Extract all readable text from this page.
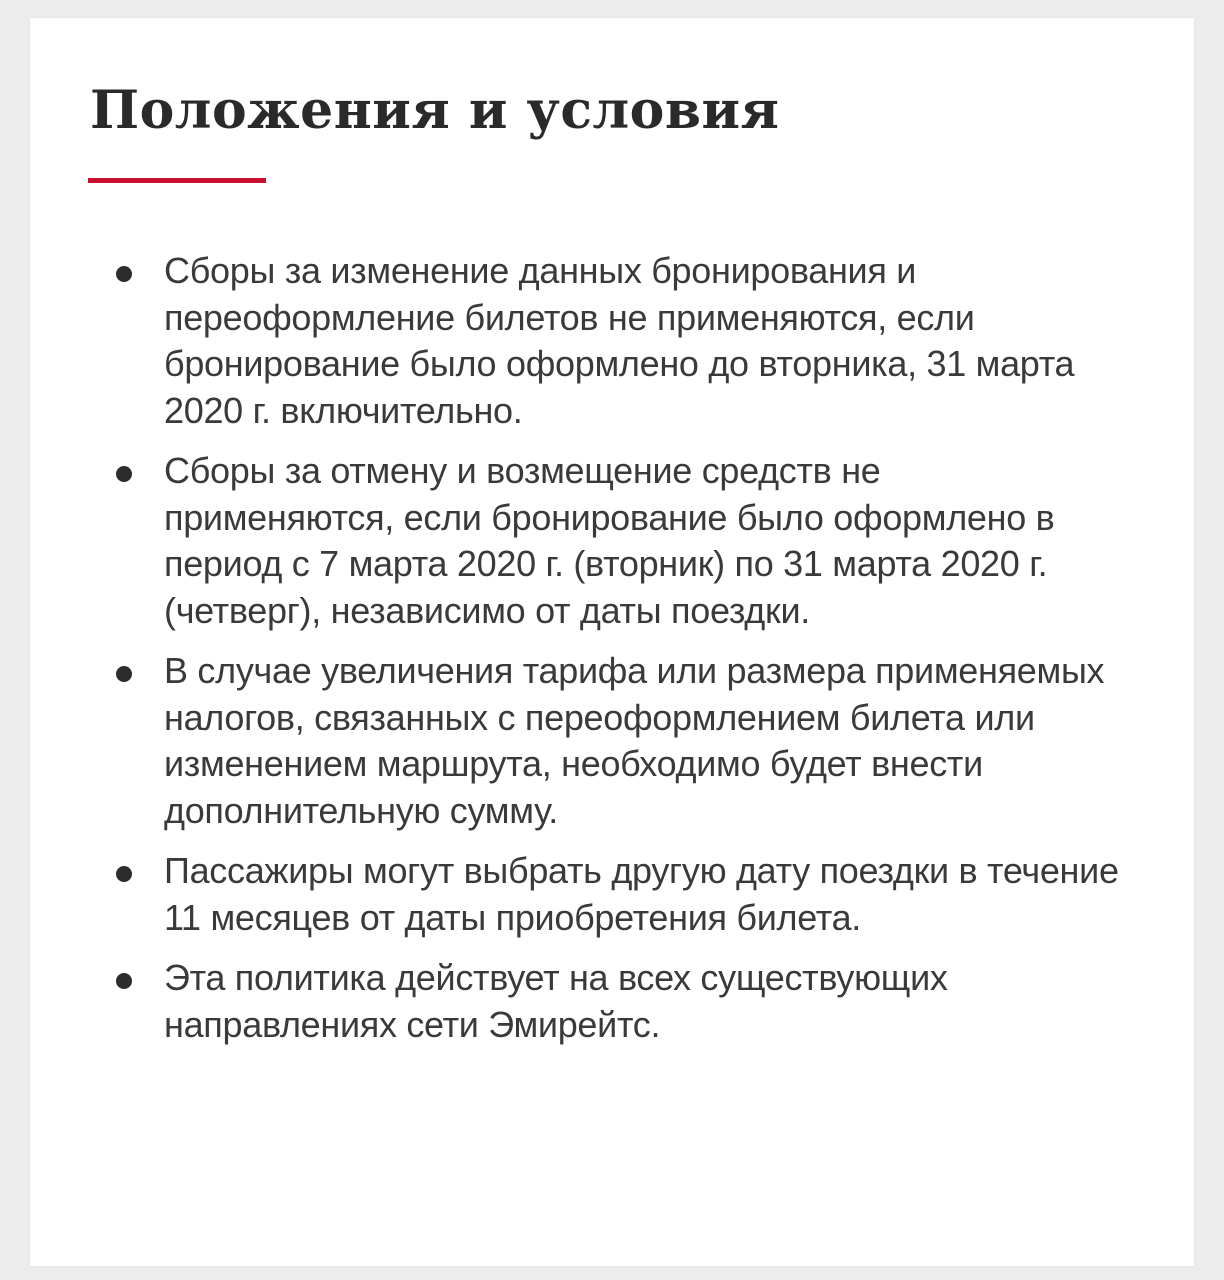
Положения и условия
Сборы за изменение данных бронирования и переоформление билетов не применяются, если бронирование было оформлено до вторника, 31 марта 2020 г. включительно.
Сборы за отмену и возмещение средств не применяются, если бронирование было оформлено в период с 7 марта 2020 г. (вторник) по 31 марта 2020 г. (четверг), независимо от даты поездки.
В случае увеличения тарифа или размера применяемых налогов, связанных с переоформлением билета или изменением маршрута, необходимо будет внести дополнительную сумму.
Пассажиры могут выбрать другую дату поездки в течение 11 месяцев от даты приобретения билета.
Эта политика действует на всех существующих направлениях сети Эмирейтс.
